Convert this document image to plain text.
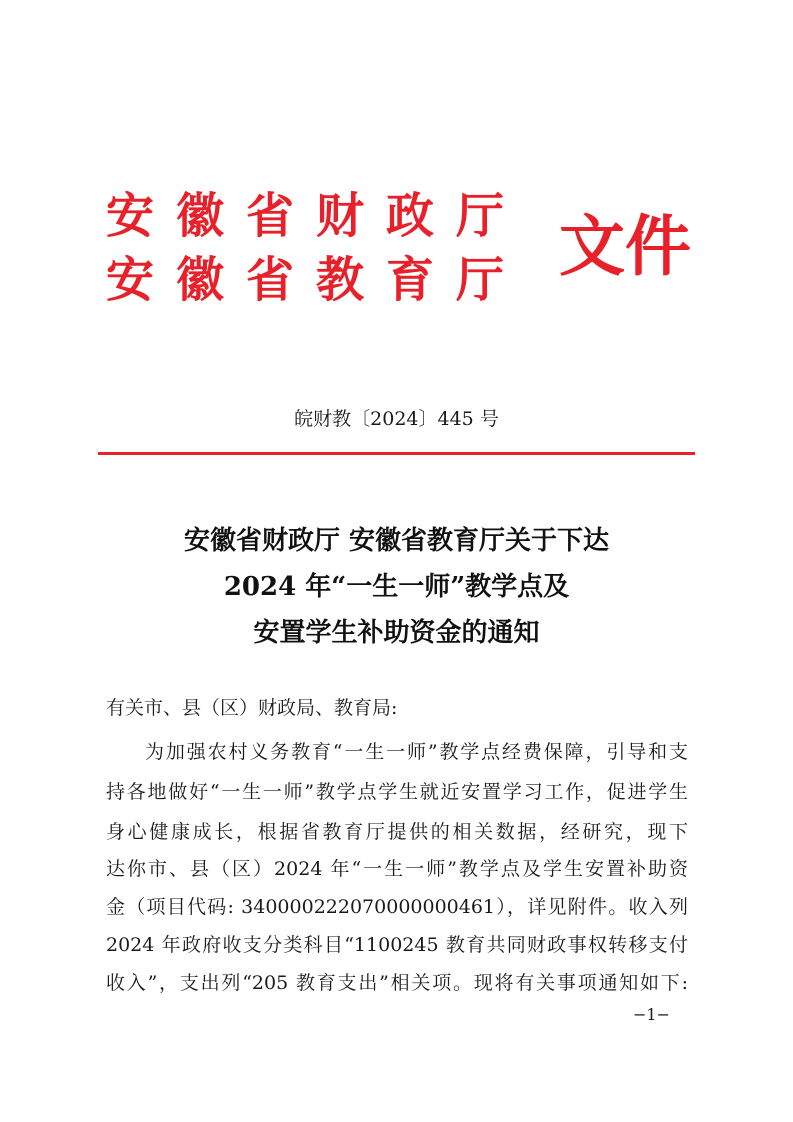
安徽省财政厅
安徽省教育厅 文件
皖财教〔2024〕445 号
安徽省财政厅 安徽省教育厅关于下达
2024 年“一生一师”教学点及
安置学生补助资金的通知
有关市、县（区）财政局、教育局:
为加强农村义务教育“一生一师”教学点经费保障，引导和支
持各地做好“一生一师”教学点学生就近安置学习工作，促进学生
身心健康成长，根据省教育厅提供的相关数据，经研究，现下
达你市、县（区）2024 年“一生一师”教学点及学生安置补助资
金（项目代码: 340000222070000000461），详见附件。收入列
2024 年政府收支分类科目“1100245 教育共同财政事权转移支付
收入”，支出列“205 教育支出”相关项。现将有关事项通知如下:
−1−
